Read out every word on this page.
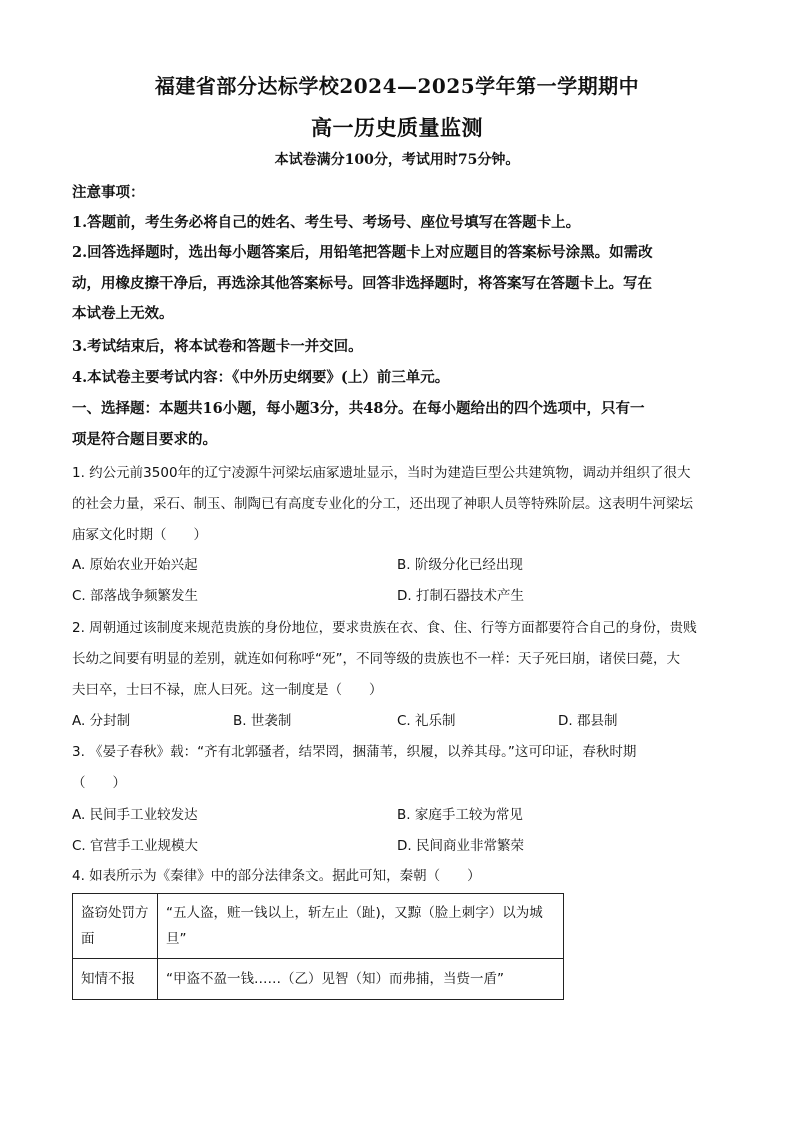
福建省部分达标学校2024—2025学年第一学期期中
高一历史质量监测
本试卷满分100分，考试用时75分钟。
注意事项：
1.答题前，考生务必将自己的姓名、考生号、考场号、座位号填写在答题卡上。
2.回答选择题时，选出每小题答案后，用铅笔把答题卡上对应题目的答案标号涂黑。如需改
动，用橡皮擦干净后，再选涂其他答案标号。回答非选择题时，将答案写在答题卡上。写在
本试卷上无效。
3.考试结束后，将本试卷和答题卡一并交回。
4.本试卷主要考试内容：《中外历史纲要》(上）前三单元。
一、选择题：本题共16小题，每小题3分，共48分。在每小题给出的四个选项中，只有一
项是符合题目要求的。
1. 约公元前3500年的辽宁凌源牛河梁坛庙冢遗址显示，当时为建造巨型公共建筑物，调动并组织了很大
的社会力量，采石、制玉、制陶已有高度专业化的分工，还出现了神职人员等特殊阶层。这表明牛河梁坛
庙冢文化时期（　　）
A. 原始农业开始兴起	B. 阶级分化已经出现
C. 部落战争频繁发生	D. 打制石器技术产生
2. 周朝通过该制度来规范贵族的身份地位，要求贵族在衣、食、住、行等方面都要符合自己的身份，贵贱
长幼之间要有明显的差别，就连如何称呼“死”，不同等级的贵族也不一样：天子死曰崩，诸侯曰薨，大
夫曰卒，士曰不禄，庶人曰死。这一制度是（　　）
A. 分封制	B. 世袭制	C. 礼乐制	D. 郡县制
3. 《晏子春秋》载：“齐有北郭骚者，结罘罔，捆蒲苇，织履，以养其母。”这可印证，春秋时期
（　　）
A. 民间手工业较发达	B. 家庭手工较为常见
C. 官营手工业规模大	D. 民间商业非常繁荣
4. 如表所示为《秦律》中的部分法律条文。据此可知，秦朝（　　）
盗窃处罚方面	“五人盗，赃一钱以上，斩左止（趾)，又黥（脸上刺字）以为城旦”
知情不报	“甲盗不盈一钱……（乙）见智（知）而弗捕，当赀一盾”
